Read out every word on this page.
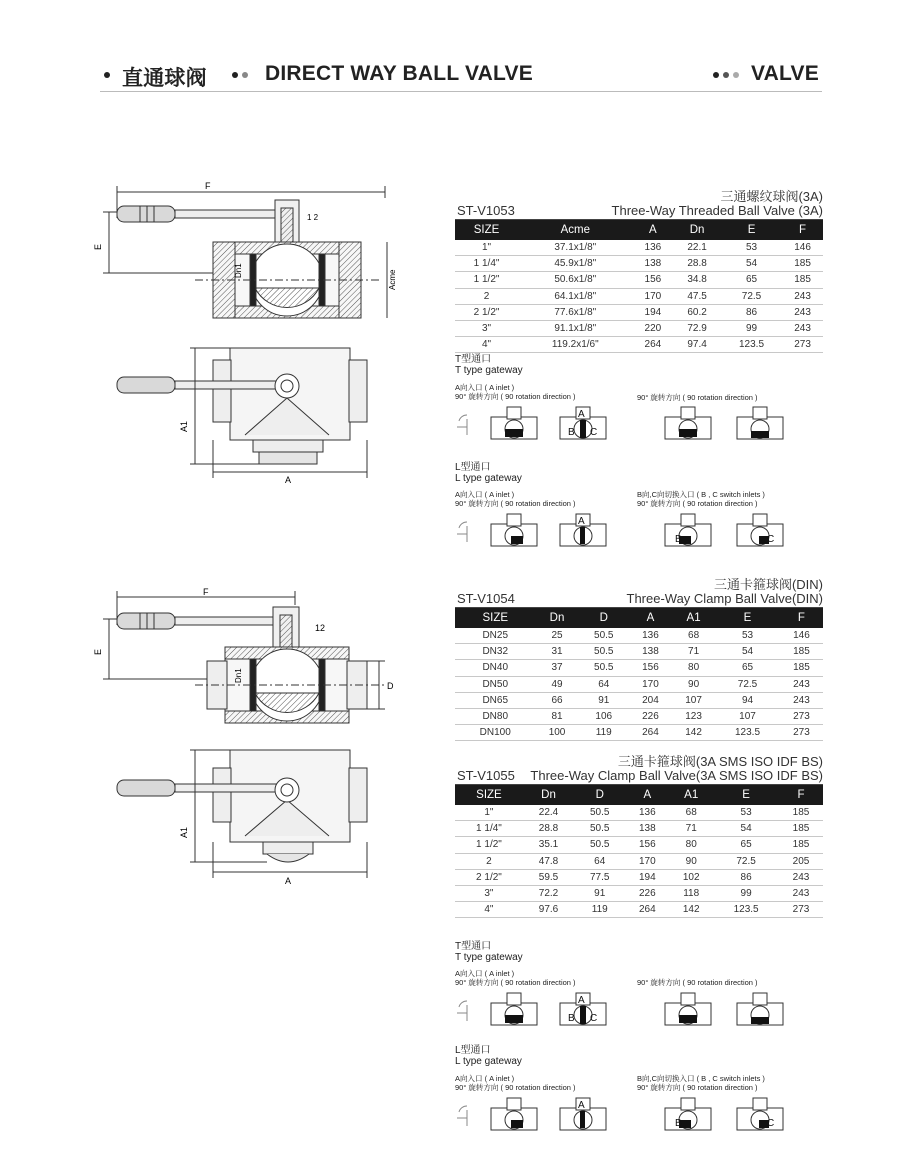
直通球阀	DIRECT WAY BALL VALVE	VALVE
F
E
1 2
Dn1	Acme
A1
A
F
E
12
Dn1
D
A1
A
三通螺纹球阀(3A)
ST-V1053	Three-Way Threaded Ball Valve (3A)
SIZE	Acme	A	Dn	E	F
1"	37.1x1/8"	136	22.1	53	146
1 1/4"	45.9x1/8"	138	28.8	54	185
1 1/2"	50.6x1/8"	156	34.8	65	185
2	64.1x1/8"	170	47.5	72.5	243
2 1/2"	77.6x1/8"	194	60.2	86	243
3"	91.1x1/8"	220	72.9	99	243
4"	119.2x1/6"	264	97.4	123.5	273
三通卡箍球阀(DIN)
ST-V1054	Three-Way Clamp Ball Valve(DIN)
SIZE	Dn	D	A	A1	E	F
DN25	25	50.5	136	68	53	146
DN32	31	50.5	138	71	54	185
DN40	37	50.5	156	80	65	185
DN50	49	64	170	90	72.5	243
DN65	66	91	204	107	94	243
DN80	81	106	226	123	107	273
DN100	100	119	264	142	123.5	273
三通卡箍球阀(3A SMS ISO IDF BS)
ST-V1055 Three-Way Clamp Ball Valve(3A SMS ISO IDF BS)
SIZE	Dn	D	A	A1	E	F
1"	22.4	50.5	136	68	53	185
1 1/4"	28.8	50.5	138	71	54	185
1 1/2"	35.1	50.5	156	80	65	185
2	47.8	64	170	90	72.5	205
2 1/2"	59.5	77.5	194	102	86	243
3"	72.2	91	226	118	99	243
4"	97.6	119	264	142	123.5	273
T型通口
T type gateway
A向入口 ( A inlet )
90° 旋转方向 ( 90 rotation direction )	90° 旋转方向 ( 90 rotation direction )
L型通口
L type gateway
A向入口 ( A inlet )
90° 旋转方向 ( 90 rotation direction )
B向,C向切换入口 ( B , C switch inlets )
90° 旋转方向 ( 90 rotation direction )
T型通口
T type gateway
A向入口 ( A inlet )
90° 旋转方向 ( 90 rotation direction )	90° 旋转方向 ( 90 rotation direction )
L型通口
L type gateway
A向入口 ( A inlet )
90° 旋转方向 ( 90 rotation direction )
B向,C向切换入口 ( B , C switch inlets )
90° 旋转方向 ( 90 rotation direction )
A
B C
A
B	C
A
B C
A
B	C
